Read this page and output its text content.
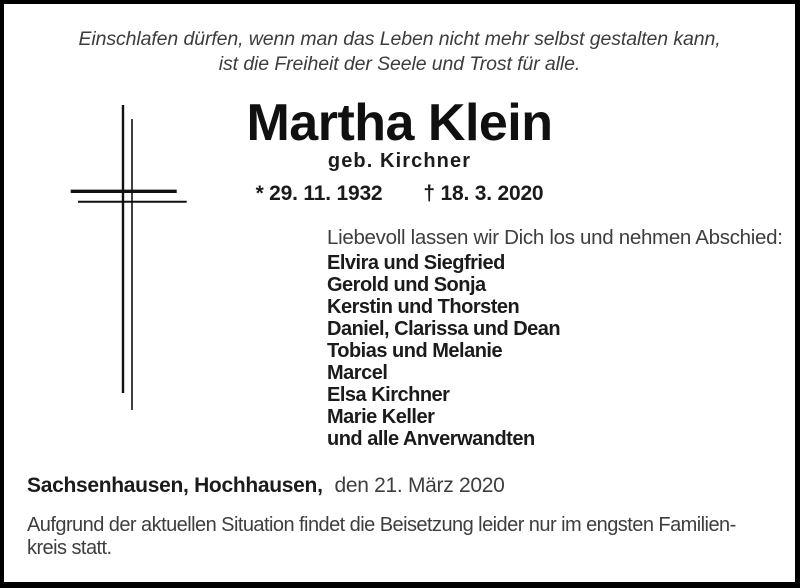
Einschlafen dürfen, wenn man das Leben nicht mehr selbst gestalten kann,
ist die Freiheit der Seele und Trost für alle.
Martha Klein
geb. Kirchner
* 29. 11. 1932 † 18. 3. 2020
Liebevoll lassen wir Dich los und nehmen Abschied:
Elvira und Siegfried
Gerold und Sonja
Kerstin und Thorsten
Daniel, Clarissa und Dean
Tobias und Melanie
Marcel
Elsa Kirchner
Marie Keller
und alle Anverwandten
Sachsenhausen, Hochhausen, den 21. März 2020
Aufgrund der aktuellen Situation findet die Beisetzung leider nur im engsten Familien-
kreis statt.
